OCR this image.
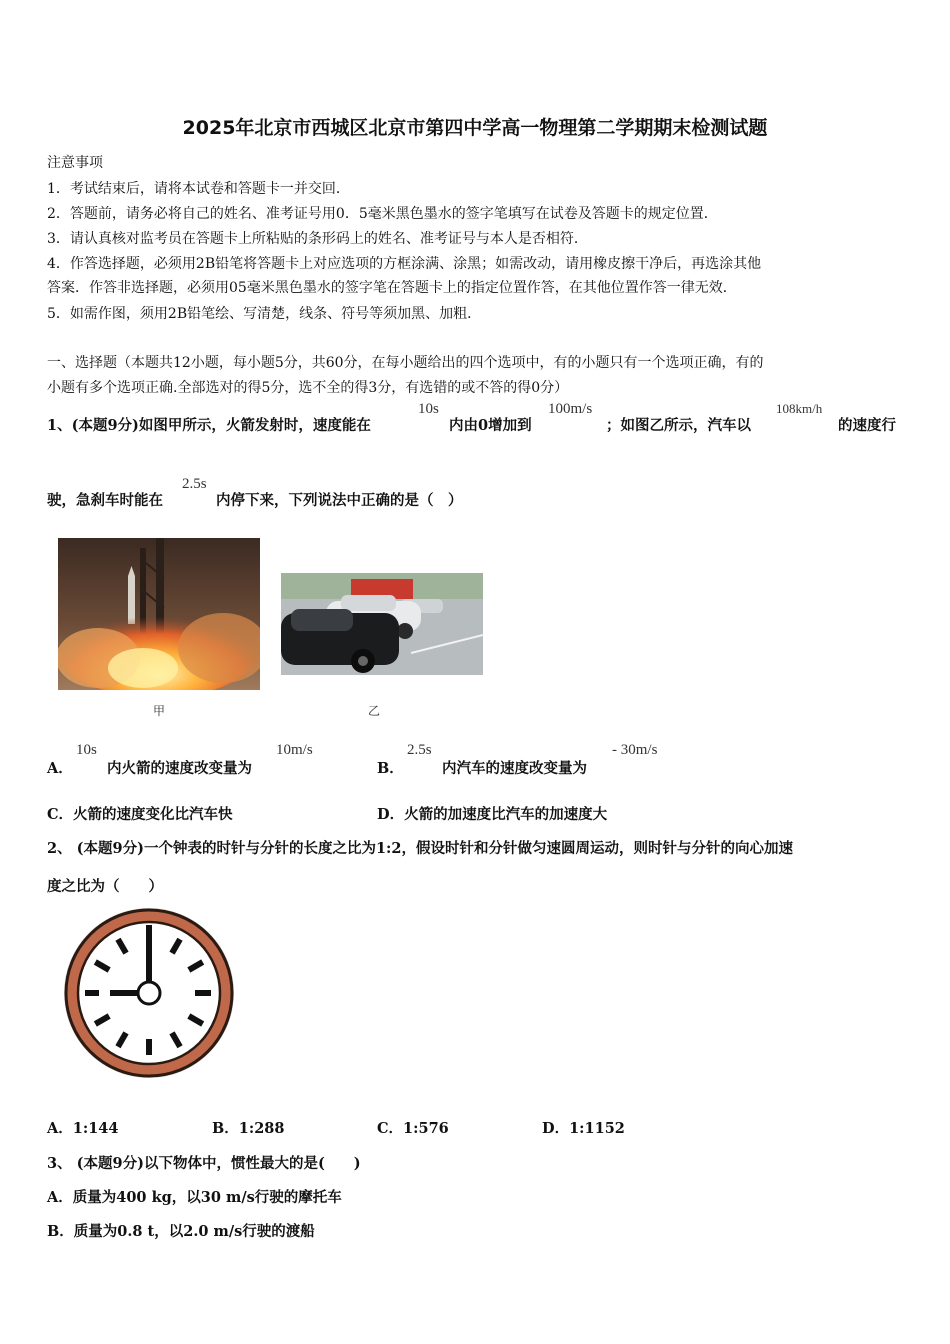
2025年北京市西城区北京市第四中学高一物理第二学期期末检测试题
注意事项
1．考试结束后，请将本试卷和答题卡一并交回．
2．答题前，请务必将自己的姓名、准考证号用0．5毫米黑色墨水的签字笔填写在试卷及答题卡的规定位置．
3．请认真核对监考员在答题卡上所粘贴的条形码上的姓名、准考证号与本人是否相符．
4．作答选择题，必须用2B铅笔将答题卡上对应选项的方框涂满、涂黑；如需改动，请用橡皮擦干净后，再选涂其他
答案．作答非选择题，必须用05毫米黑色墨水的签字笔在答题卡上的指定位置作答，在其他位置作答一律无效．
5．如需作图，须用2B铅笔绘、写清楚，线条、符号等须加黑、加粗．
一、选择题（本题共12小题，每小题5分，共60分，在每小题给出的四个选项中，有的小题只有一个选项正确，有的
小题有多个选项正确.全部选对的得5分，选不全的得3分，有选错的或不答的得0分）
1、(本题9分)如图甲所示，火箭发射时，速度能在
10s
内由0增加到
100m/s
；如图乙所示，汽车以
108km/h
的速度行
驶，急刹车时能在
2.5s
内停下来，下列说法中正确的是（　）
甲	乙
A．
10s
内火箭的速度改变量为
10m/s
B．
2.5s
内汽车的速度改变量为
- 30m/s
C．火箭的速度变化比汽车快	D．火箭的加速度比汽车的加速度大
2、 (本题9分)一个钟表的时针与分针的长度之比为1:2，假设时针和分针做匀速圆周运动，则时针与分针的向心加速
度之比为（　　）
A．1:144	B．1:288	C．1:576	D．1:1152
3、 (本题9分)以下物体中，惯性最大的是(　　)
A．质量为400 kg，以30 m/s行驶的摩托车
B．质量为0.8 t，以2.0 m/s行驶的渡船
